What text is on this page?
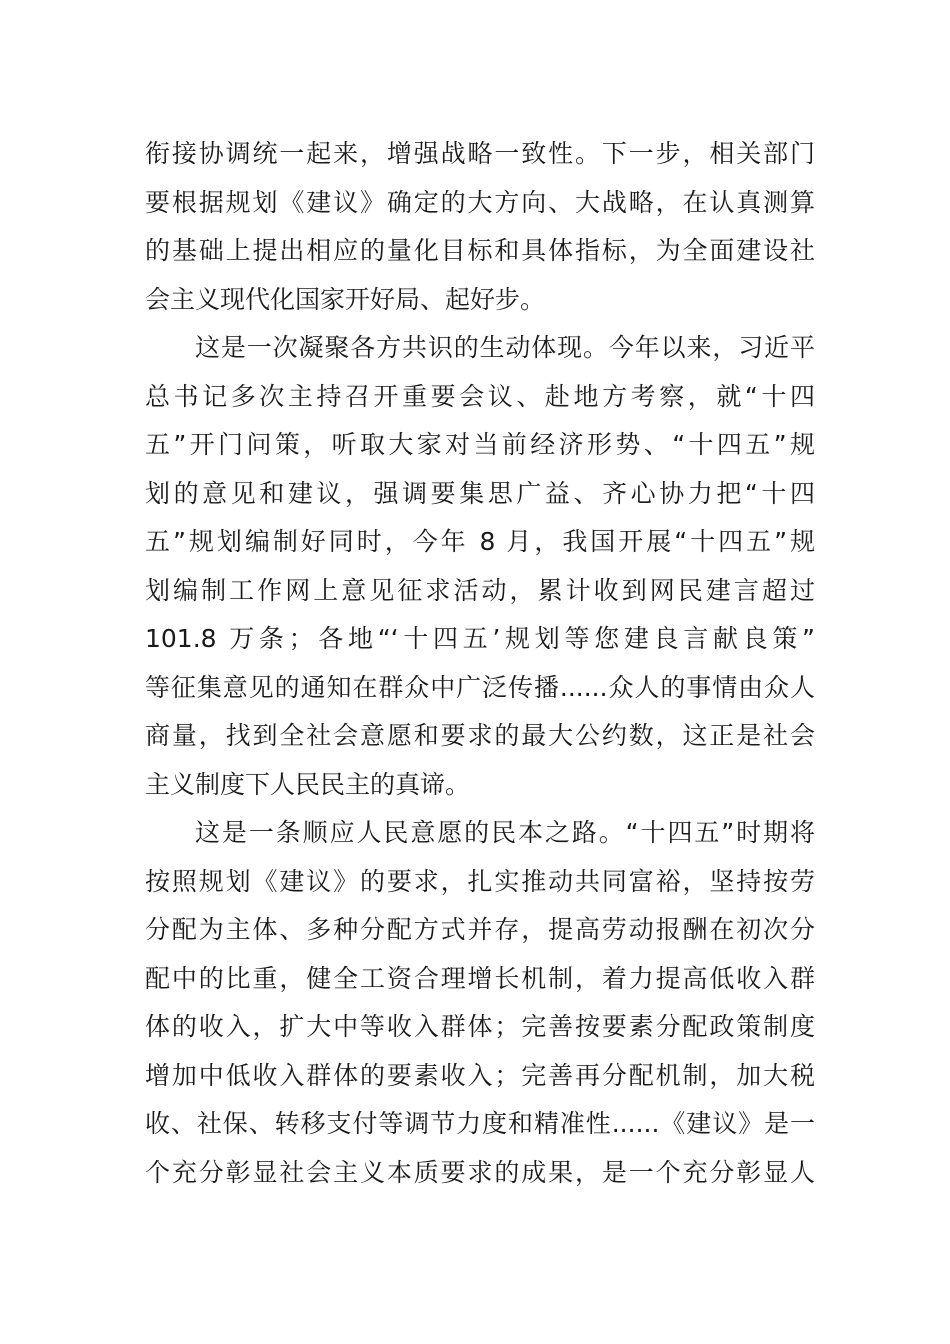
衔接协调统一起来，增强战略一致性。下一步，相关部门
要根据规划《建议》确定的大方向、大战略，在认真测算
的基础上提出相应的量化目标和具体指标，为全面建设社
会主义现代化国家开好局、起好步。
这是一次凝聚各方共识的生动体现。今年以来，习近平
总书记多次主持召开重要会议、赴地方考察，就“十四
五”开门问策，听取大家对当前经济形势、“十四五”规
划的意见和建议，强调要集思广益、齐心协力把“十四
五”规划编制好同时，今年 8 月，我国开展“十四五”规
划编制工作网上意见征求活动，累计收到网民建言超过
101.8 万条；各地“‘十四五’规划等您建良言献良策”
等征集意见的通知在群众中广泛传播......众人的事情由众人
商量，找到全社会意愿和要求的最大公约数，这正是社会
主义制度下人民民主的真谛。
这是一条顺应人民意愿的民本之路。“十四五”时期将
按照规划《建议》的要求，扎实推动共同富裕，坚持按劳
分配为主体、多种分配方式并存，提高劳动报酬在初次分
配中的比重，健全工资合理增长机制，着力提高低收入群
体的收入，扩大中等收入群体；完善按要素分配政策制度
增加中低收入群体的要素收入；完善再分配机制，加大税
收、社保、转移支付等调节力度和精准性......《建议》是一
个充分彰显社会主义本质要求的成果，是一个充分彰显人
